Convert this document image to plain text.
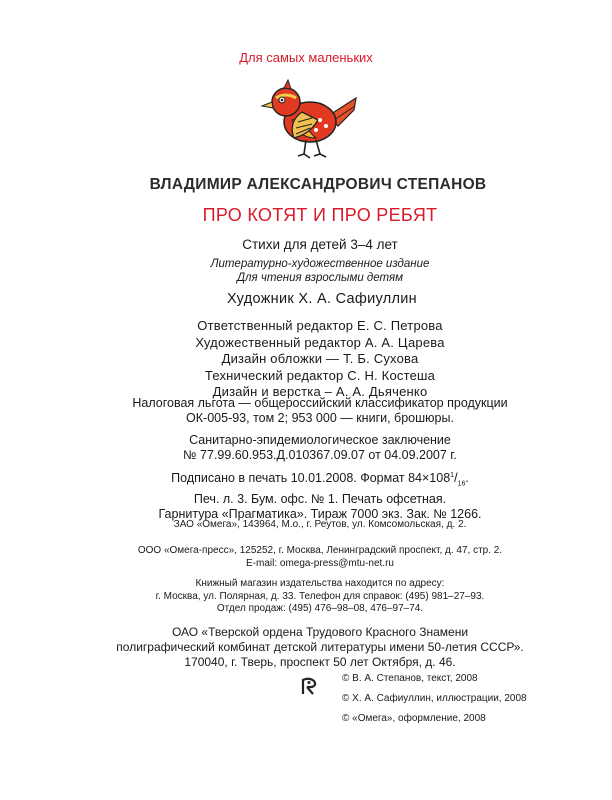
Для самых маленьких
ВЛАДИМИР АЛЕКСАНДРОВИЧ СТЕПАНОВ
ПРО КОТЯТ И ПРО РЕБЯТ
Стихи для детей 3–4 лет
Литературно-художественное издание
Для чтения взрослыми детям
Художник Х. А. Сафиуллин
Ответственный редактор Е. С. Петрова
Художественный редактор А. А. Царева
Дизайн обложки — Т. Б. Сухова
Технический редактор С. Н. Костеша
Дизайн и верстка – А. А. Дьяченко
Налоговая льгота — общероссийский классификатор продукции
ОК-005-93, том 2; 953 000 — книги, брошюры.
Санитарно-эпидемиологическое заключение
№ 77.99.60.953.Д.010367.09.07 от 04.09.2007 г.
Подписано в печать 10.01.2008. Формат $84\times 108^1/_{16}$.
Печ. л. 3. Бум. офс. № 1. Печать офсетная.
Гарнитура «Прагматика». Тираж 7000 экз. Зак. № 1266.
ЗАО «Омега», 143964, М.о., г. Реутов, ул. Комсомольская, д. 2.
ООО «Омега-пресс», 125252, г. Москва, Ленинградский проспект, д. 47, стр. 2.
E-mail: omega-press@mtu-net.ru
Книжный магазин издательства находится по адресу:
г. Москва, ул. Полярная, д. 33. Телефон для справок: (495) 981–27–93.
Отдел продаж: (495) 476–98–08, 476–97–74.
ОАО «Тверской ордена Трудового Красного Знамени
полиграфический комбинат детской литературы имени 50-летия СССР».
170040, г. Тверь, проспект 50 лет Октября, д. 46.
© В. А. Степанов, текст, 2008
© Х. А. Сафиуллин, иллюстрации, 2008
© «Омега», оформление, 2008
